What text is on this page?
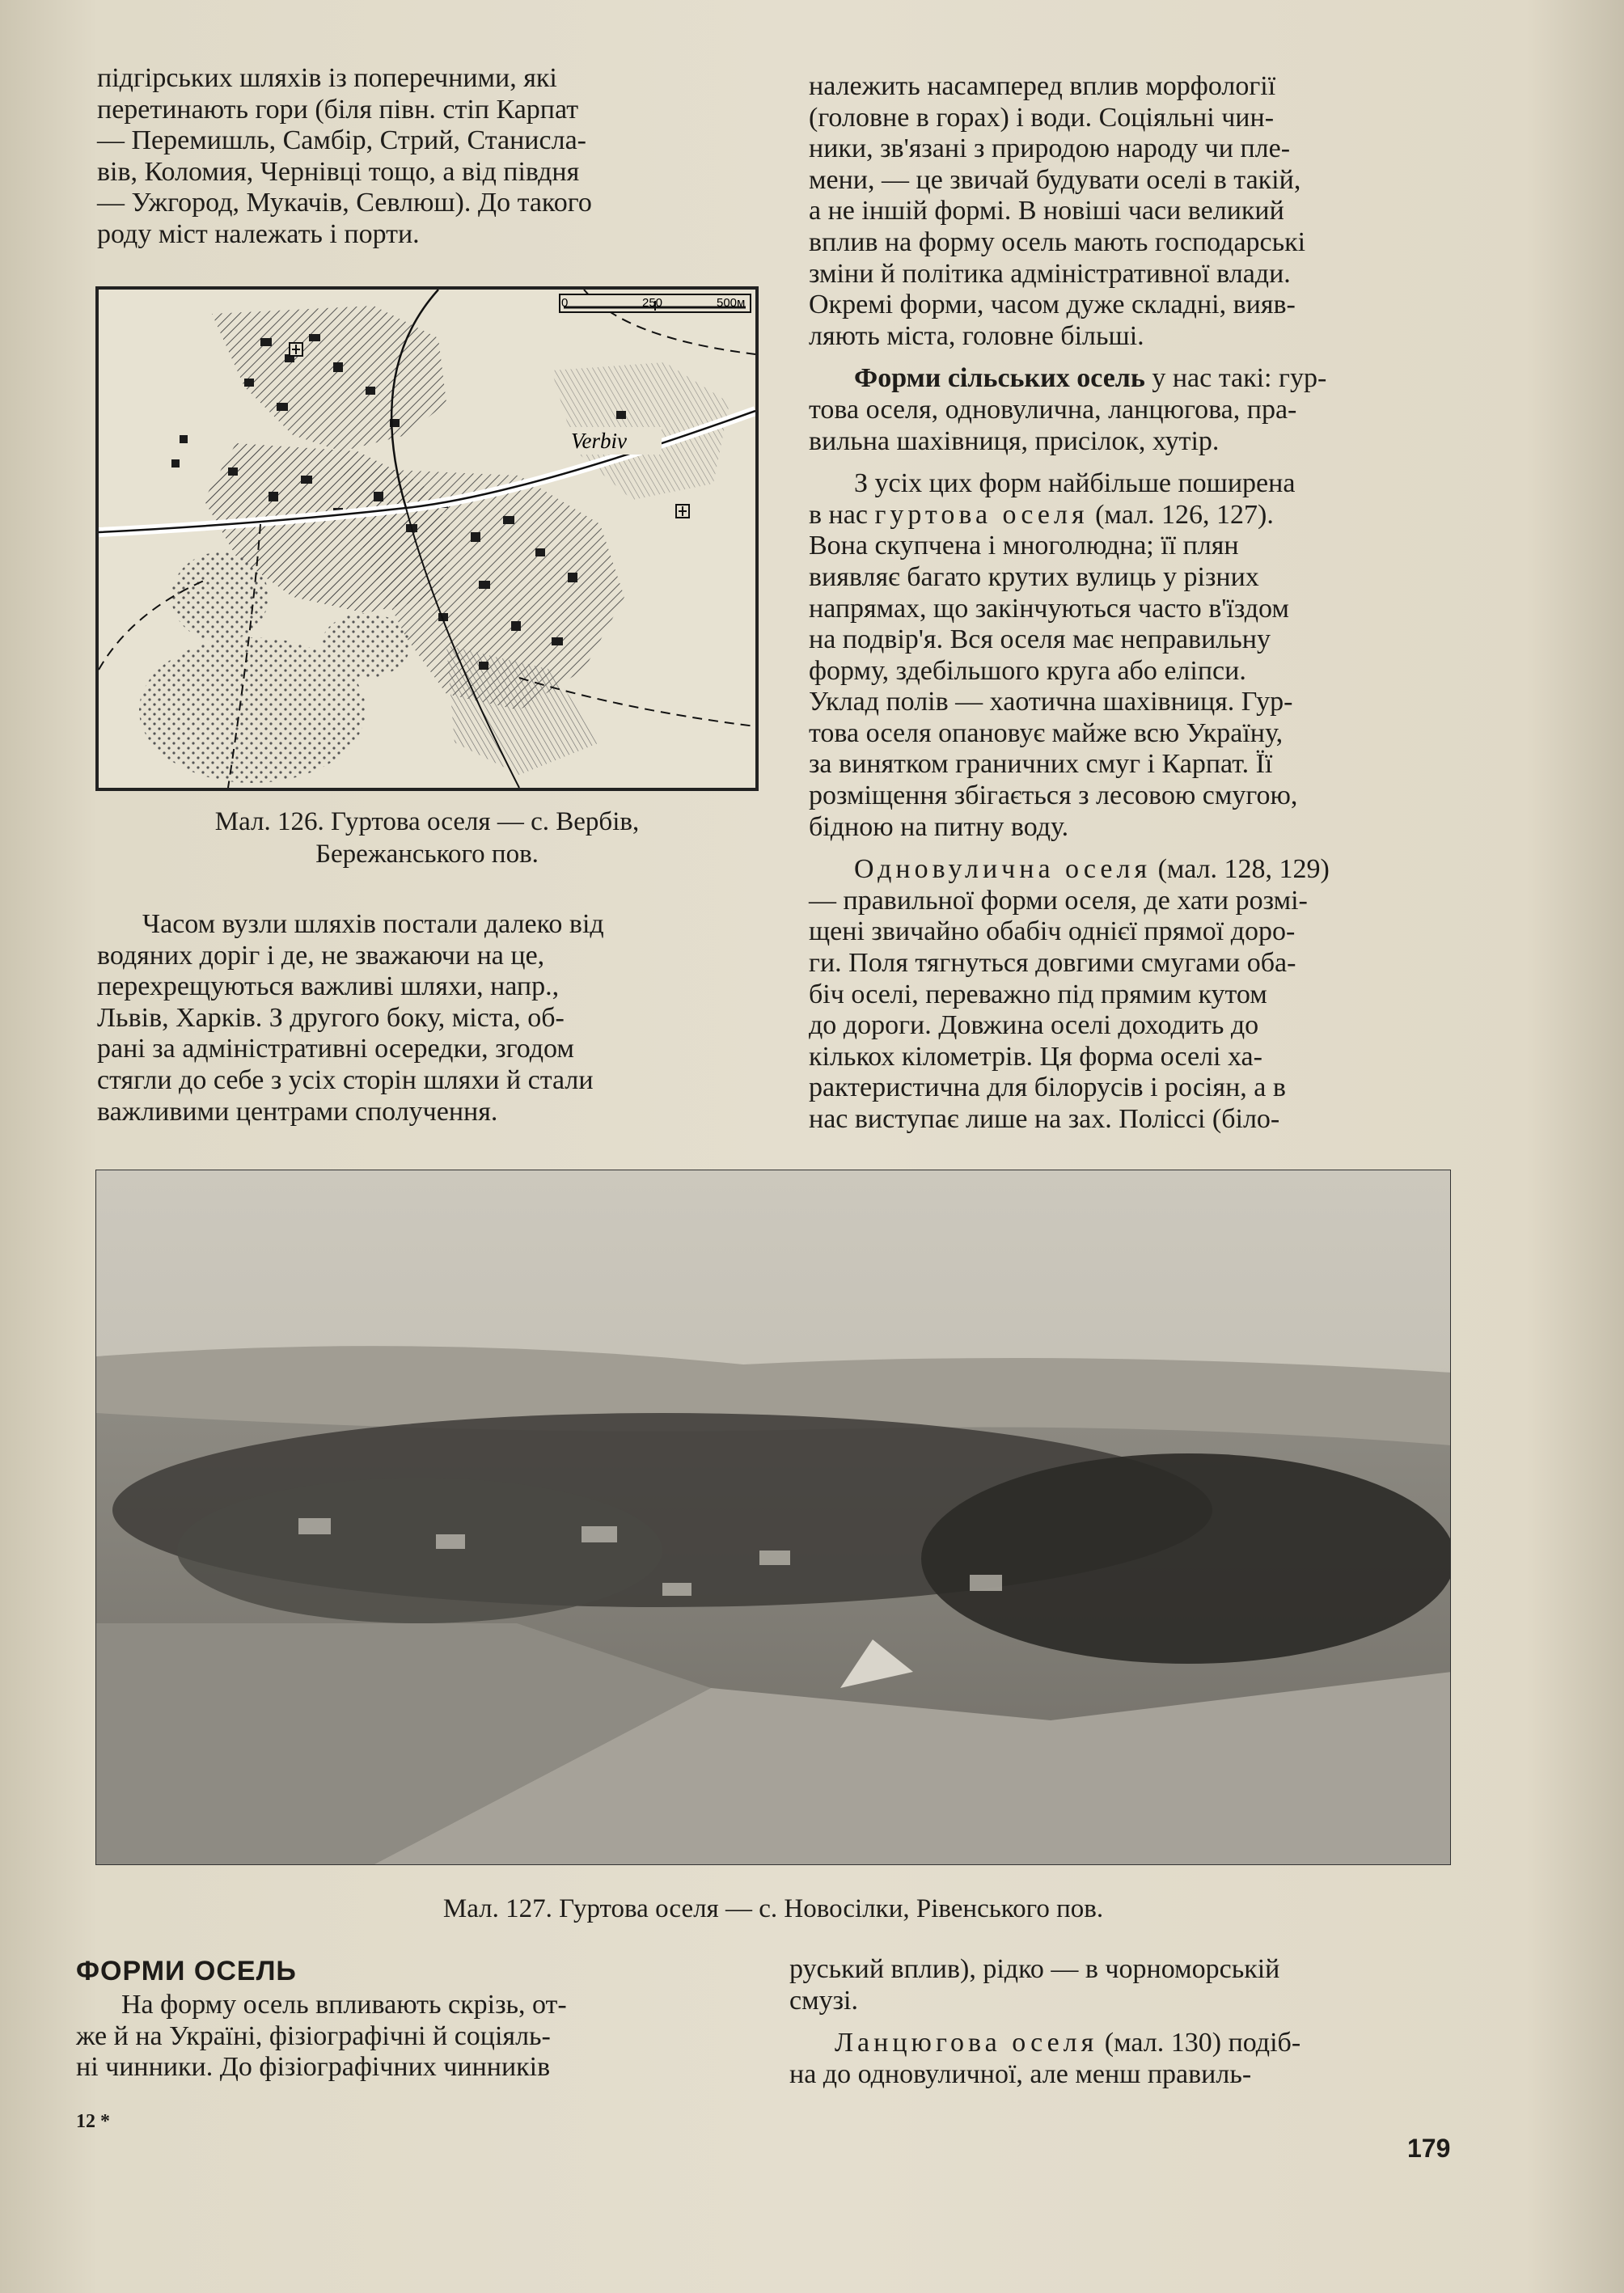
підгірських шляхів із поперечними, які

перетинають гори (біля півн. стіп Карпат

— Перемишль, Самбір, Стрий, Станисла-

вів, Коломия, Чернівці тощо, а від півдня

— Ужгород, Мукачів, Севлюш). До такого

роду міст належать і порти.

0	250	500м
Verbiv
Мал. 126. Гуртова оселя — с. Вербів,
Бережанського пов.

Часом вузли шляхів постали далеко від

водяних доріг і де, не зважаючи на це,

перехрещуються важливі шляхи, напр.,

Львів, Харків. З другого боку, міста, об-

рані за адміністративні осередки, згодом

стягли до себе з усіх сторін шляхи й стали

важливими центрами сполучення.

належить насамперед вплив морфології

(головне в горах) і води. Соціяльні чин-

ники, зв'язані з природою народу чи пле-

мени, — це звичай будувати оселі в такій,

а не іншій формі. В новіші часи великий

вплив на форму осель мають господарські

зміни й політика адміністративної влади.

Окремі форми, часом дуже складні, вияв-

ляють міста, головне більші.

Форми сільських осель у нас такі: гур-

това оселя, одновулична, ланцюгова, пра-

вильна шахівниця, присілок, хутір.

З усіх цих форм найбільше поширена

в нас гуртова оселя (мал. 126, 127).

Вона скупчена і многолюдна; її плян

виявляє багато крутих вулиць у різних

напрямах, що закінчуються часто в'їздом

на подвір'я. Вся оселя має неправильну

форму, здебільшого круга або еліпси.

Уклад полів — хаотична шахівниця. Гур-

това оселя опановує майже всю Україну,

за винятком граничних смуг і Карпат. Її

розміщення збігається з лесовою смугою,

бідною на питну воду.

Одновулична оселя (мал. 128, 129)

— правильної форми оселя, де хати розмі-

щені звичайно обабіч однієї прямої доро-

ги. Поля тягнуться довгими смугами оба-

біч оселі, переважно під прямим кутом

до дороги. Довжина оселі доходить до

кількох кілометрів. Ця форма оселі ха-

рактеристична для білорусів і росіян, а в

нас виступає лише на зах. Поліссі (біло-

Мал. 127. Гуртова оселя — с. Новосілки, Рівенського пов.
ФОРМИ ОСЕЛЬ

На форму осель впливають скрізь, от-

же й на Україні, фізіографічні й соціяль-

ні чинники. До фізіографічних чинників

руський вплив), рідко — в чорноморській

смузі.

Ланцюгова оселя (мал. 130) подіб-

на до одновуличної, але менш правиль-

12 *
179
